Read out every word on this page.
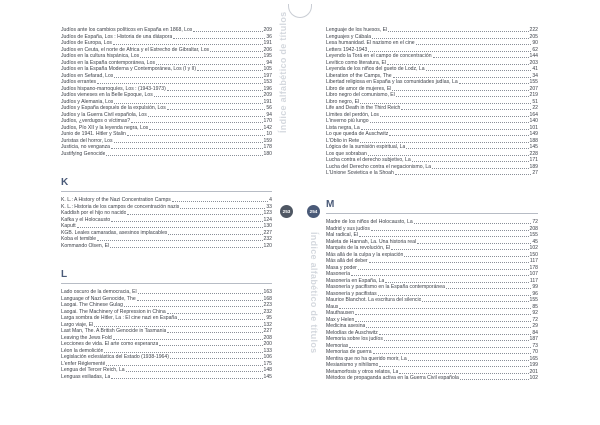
Judíos ante los cambios políticos en España en 1868, Los	209
Judíos de España, Los : Historia de una diáspora	36
Judíos de Europa, Los	191
Judíos en Ceuta, el norte de África y el Estrecho de Gibraltar, Los	206
Judíos en la cultura hispánica, Los	195
Judíos en la España contemporánea, Los	94
Judíos en la España Moderna y Contemporánea, Los (I y II)	105
Judíos en Sefarad, Los	197
Judíos errantes	153
Judíos hispano-marroquíes, Los : (1943-1973)	196
Judíos vieneses en la Belle Époque, Los	209
Judíos y Alemania, Los	191
Judíos y España después de la expulsión, Los	56
Judíos y la Guerra Civil española, Los	94
Judíos, ¿verdugos o víctimas?	170
Judíos, Pío XII y la leyenda negra, Los	142
Junio de 1941. Hitler y Stalin	10
Juristas del horror, Los	159
Justicia, no venganza	178
Justifying Genocide	180
K
K. L.: A History of the Nazi Concentration Camps	4
K. L.: Historia de los campos de concentración nazis	33
Kaddish por el hijo no nacido	123
Kafka y el Holocausto	124
Kaputt	130
KGB. Leales camaradas, asesinos implacables	227
Koba el temible	232
Kommando Olsen, El	120
L
Lado oscuro de la democracia, El	163
Language of Nazi Genocide, The	168
Laogai. The Chinese Gulag	223
Laogai. The Machinery of Repression in China	232
Larga sombra de Hitler, La : El cine nazi en España	95
Largo viaje, El	132
Last Man, The. A British Genocide in Tasmania	227
Leaving the Jews Fold	208
Lecciones de vida. El arte como esperanza	200
Léon la demolición	133
Legislación eclesiástica del Estado (1938-1964)	106
L'enfer Réglementé	175
Lengua del Tercer Reich, La	148
Lenguas exiliadas, La	145
Lenguaje de los huesos, El	222
Lenguajes y Cábala	205
Lesa humanidad. El nazismo en el cine	90
Letters 1942-1943	62
Leyendo la Torá en el campo de concentración	144
Levítico como literatura, El	203
Leyenda de los niños del gueto de Lodz, La	41
Liberation of the Camps, The	34
Libertad religiosa en España y las comunidades judías, La	155
Libro de amor de mujeres, El	207
Libro negro del comunismo, El	219
Libro negro, El	51
Life and Death in the Third Reich	22
Límites del perdón, Los	164
L'inverno più lungo	140
Lista negra, La	101
Lo que queda de Auschwitz	149
L'Oblio in Rete	188
Lógica de la sumisión espiritual, La	145
Los que sobraban	228
Lucha contra el derecho subjetivo, La	171
Lucha del Derecho contra el negacionismo, La	189
L'Unione Sovietica e la Shoah	27
M
Madre de los niños del Holocausto, La	72
Madrid y sus judíos	208
Mal radical, El	155
Maleta de Hannah, La. Una historia real	45
Marqués de la revolución, El	102
Más allá de la culpa y la expiación	150
Más allá del deber	117
Masa y poder	178
Masonería	107
Masonería en España, La	117
Masonería y pacifismo en la España contemporánea	99
Masonería y pacifistas	96
Maurice Blanchot. La escritura del silencio	155
Maus	85
Mauthausen	92
Max y Helen	72
Medicina asesina	29
Melodías de Auschwitz	84
Memoria sobre los judíos	187
Memorias	73
Memorias de guerra	70
Mentira que no ha querido morir, La	165
Mesianismo y nihilismo	199
Metamorfosis y otros relatos, La	201
Métodos de propaganda activa en la Guerra Civil española	102
Índice alfabético de títulos
Índice alfabético de títulos
253	254
